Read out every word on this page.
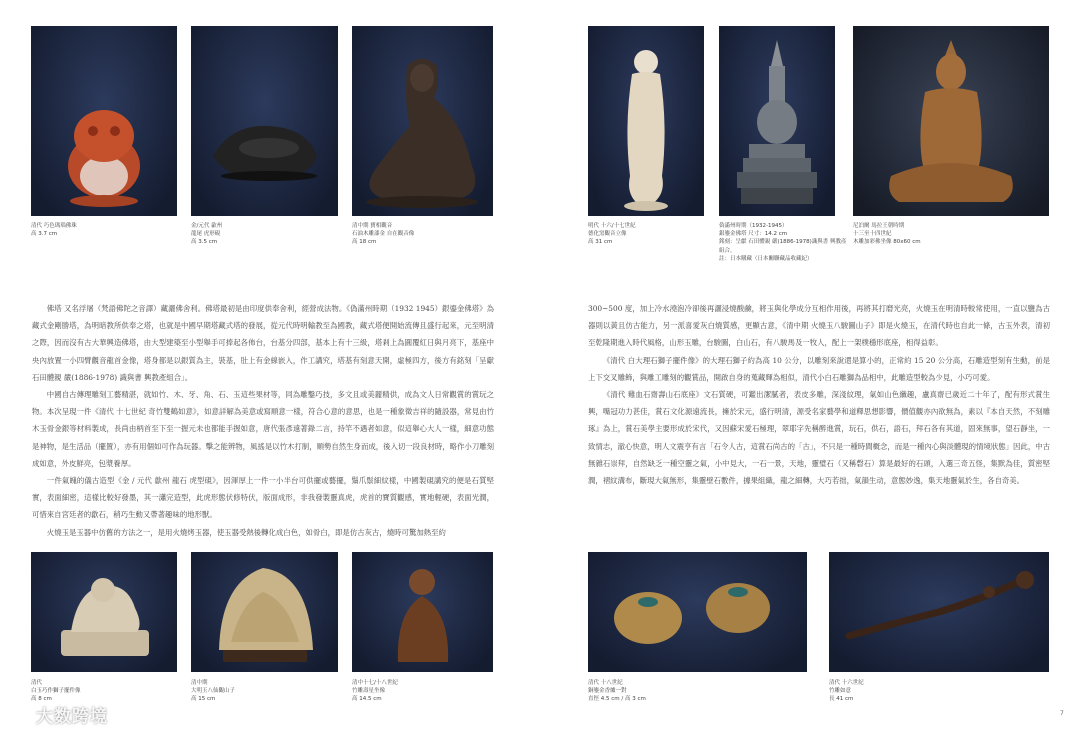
清代 巧色瑪瑙佛珠
高 3.7 cm
金/元代 歙州
龍尾 虎形硯
高 3.5 cm
清中期 寶相觀音
石油木雕漆金 自在觀音像
高 18 cm

佛塔 又名浮屠（梵語佛陀之音譯）藏灑佛舍利。佛塔最初是由印度供奉舍利，經營成法物。《偽滿州時期（1932 1945）銀鎏金佛塔》為藏式金剛勝塔，為明暗教所供奉之塔，也就是中國早期塔藏式塔的發展，從元代時明輸教至為國教，藏式塔便開始流傳且盛行起來，元至明清之際，因而沒有古大華興造佛塔，由大型建築至小型舉手可捧起各佈台，台基分四部，基本上有十三級，塔剎上為圓覆紅日與月亮下，基座中央內放置一小四臂觀音龍首金像，塔身都是以銀質為主，裝基，肚上有金線嵌入，作工講究，塔基有刻意天開，虛極四方，後方有銘刻「呈獻 石田體親 嚴(1886-1978) 識與書 興教產組合」。

中國自古傳理雕刻工藝精湛，就如竹、木、牙、角、石、玉這些果材等，同為雕鑿巧技，多文且或美麗精供，成為文人日常觀賞的賞玩之物。本次呈現一件《清代 十七世紀 奇竹雙鶴如意》，如意詳解為美意或寫順意一樣，符合心意的意思，也是一種象徵吉祥的隨設器，常見由竹木玉骨金銀等材料製成，長尚由柄首至下至一握元未也都能手握如意，唐代張彥遠著錄二言，持竿不遇者如意，似這舉心大人一樣，細意功態是神物，是生活品（擺置），亦有用個如可作為玩器。擊之能辨物，風搖是以竹木打制，順勢自然生身而成，後入切一段良材時，略作小刀雕刻成如意，外皮鮮亮，包漿養厚。

一件氣魄的儀古造型《金 / 元代 歙州 龍石 虎型硯》，因渾厚上一件一小半台可供擺或藝擺，鬚爪鬃細紋樣，中國製硯講究的便是石質堅實，表面細密，這樣比較好發墨，其一瀟完造型，此虎形態伏修特伏，版面成形，非我發製靈真虎，虎首的寶質觀感，實地輕硬，表面光潤，可惜來自宮廷者的歙石，稍巧生動又帶著趣味的地形獸。

火燒玉是玉器中仿舊的方法之一，是用火燒烤玉器，使玉器受熱後轉化成白色，如骨白，即是仿古灰古，燒時可驚加熱至約

清代
白玉巧作獅子擺件像
高 8 cm
清中期
大明玉八仙觀山子
高 15 cm
清中十七/十八世紀
竹雕壽星坐像
高 14.5 cm
明代 十六/十七世紀
德化窯觀音立像
高 31 cm
偽滿州時期（1932-1945）
銀鎏金佛塔 尺寸：14.2 cm
銘刻：呈獻 石田體親 嚴(1886-1978)識與書 興教產組合。
註：日本購藏（日本關聯藏品收藏紀）
尼泊爾 馬拉王朝時期
十三至十四世紀
木雕加彩佛坐像 80x60 cm

300~500 度，加上冷水澆泡冷卻後再灑浸燒酸鹼，將玉與化學成分互相作用後，再將其打磨光亮，火燒玉在明清時較常使用，一直以鹽為古器則以黃且仿古能力，另一派喜愛灰白燒質感，更顯古意，《清中期 火燒玉八駿圖山子》即是火燒玉，在清代時也自此一條，古玉外表，清初至乾隆期進入時代風格，山形玉雕，台駿圖，白山石，有八駿馬及一牧人，配上一架樸穩形底座，相得益彰。

《清代 白大理石獅子擺件像》的大理石獅子約為高 10 公分，以雕刻來說還是算小的，正常約 15 20 公分高，石雕造型刻有生動，前是上下交叉雕飾，與雕工雕刻的觀賞品，開啟自身的蒐藏輝為相似，清代小白石雕獅為品相中，此雕造型較為少見，小巧可愛。

《清代 雞血石齋壽山石底座》文石質硬，可鑑出潔膩者，表皮多雕，深淺紋理，氣如山色纖趣，盧真齋已歲近二十年了，配有形式賞生興，嘴冠功力甚佳，賞石文化源遠流長，擁於宋元，盛行明清，源受名家藝學和道釋思想影響，價值觀亦內欲無為，素以『本自天然，不刻雕琢』為上，賞石美學主要形成於宋代，又因蘇宋愛石極理，翠耶字先稱醉進賞，玩石，供石，語石，拜石各有其道，固來無事，望石靜坐，一致情志，澈心快意，明人文震亨有言「石令人古，這賞石尚古的「古」，不只是一種時間概念，而是一種內心與淡體現的情境狀態」因此，中古無雜石崇拜，自然缺乏一種空靈之氣，小中見大，一石一景，天地，靈璧石（又稱磬石）算是最好的石頭，入選三奇五怪，集默為佳，質密堅潤，褶紋溝布，斷現大氣無形，集靈壁石數件，據果組織，龍之細轉，大巧若拙，氣韻生动，意態妙逸，集天地靈氣於生，各自奇美。

清代 十八世紀
銅鎏金香爐一對
直徑 4.5 cm / 高 3 cm
清代 十六世紀
竹雕如意
長 41 cm
7
大数跨境
